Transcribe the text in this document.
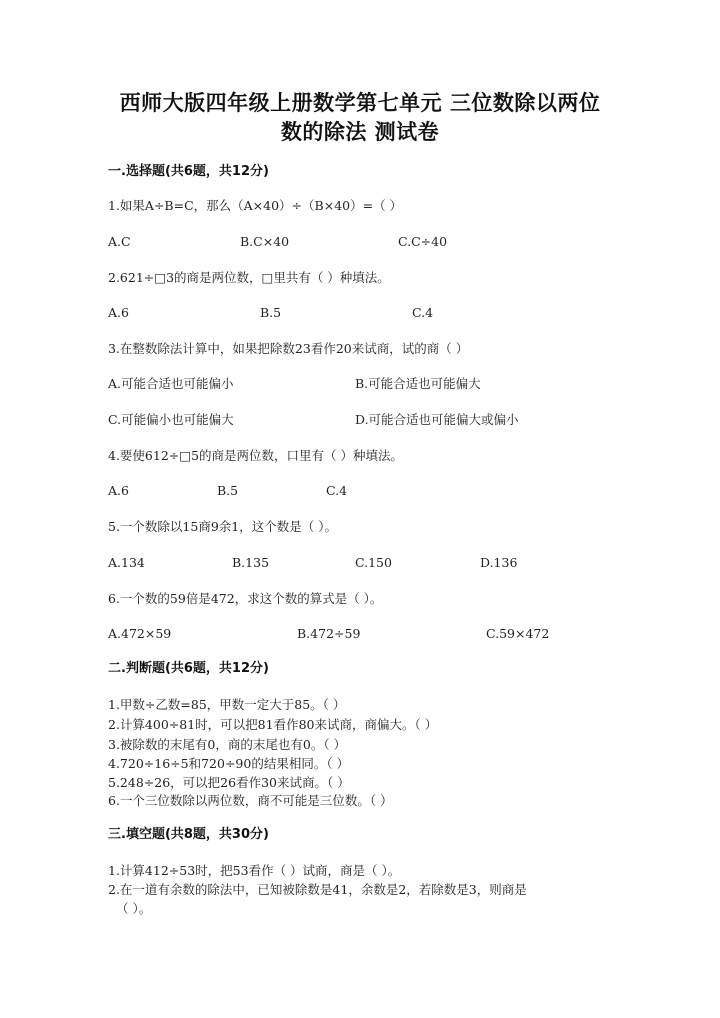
西师大版四年级上册数学第七单元 三位数除以两位
数的除法 测试卷
一.选择题(共6题，共12分)
1.如果A÷B=C，那么（A×40）÷（B×40）=（ ）
A.C	B.C×40	C.C÷40
2.621÷□3的商是两位数，□里共有（ ）种填法。
A.6	B.5	C.4
3.在整数除法计算中，如果把除数23看作20来试商，试的商（ ）
A.可能合适也可能偏小	B.可能合适也可能偏大
C.可能偏小也可能偏大	D.可能合适也可能偏大或偏小
4.要使612÷□5的商是两位数，口里有（ ）种填法。
A.6	B.5	C.4
5.一个数除以15商9余1，这个数是（ ）。
A.134	B.135	C.150	D.136
6.一个数的59倍是472，求这个数的算式是（ ）。
A.472×59	B.472÷59	C.59×472
二.判断题(共6题，共12分)
1.甲数÷乙数=85，甲数一定大于85。（ ）
2.计算400÷81时，可以把81看作80来试商，商偏大。（ ）
3.被除数的末尾有0，商的末尾也有0。（ ）
4.720÷16÷5和720÷90的结果相同。（ ）
5.248÷26，可以把26看作30来试商。（ ）
6.一个三位数除以两位数，商不可能是三位数。（ ）
三.填空题(共8题，共30分)
1.计算412÷53时，把53看作（ ）试商，商是（ ）。
2.在一道有余数的除法中，已知被除数是41，余数是2，若除数是3，则商是
（ ）。
